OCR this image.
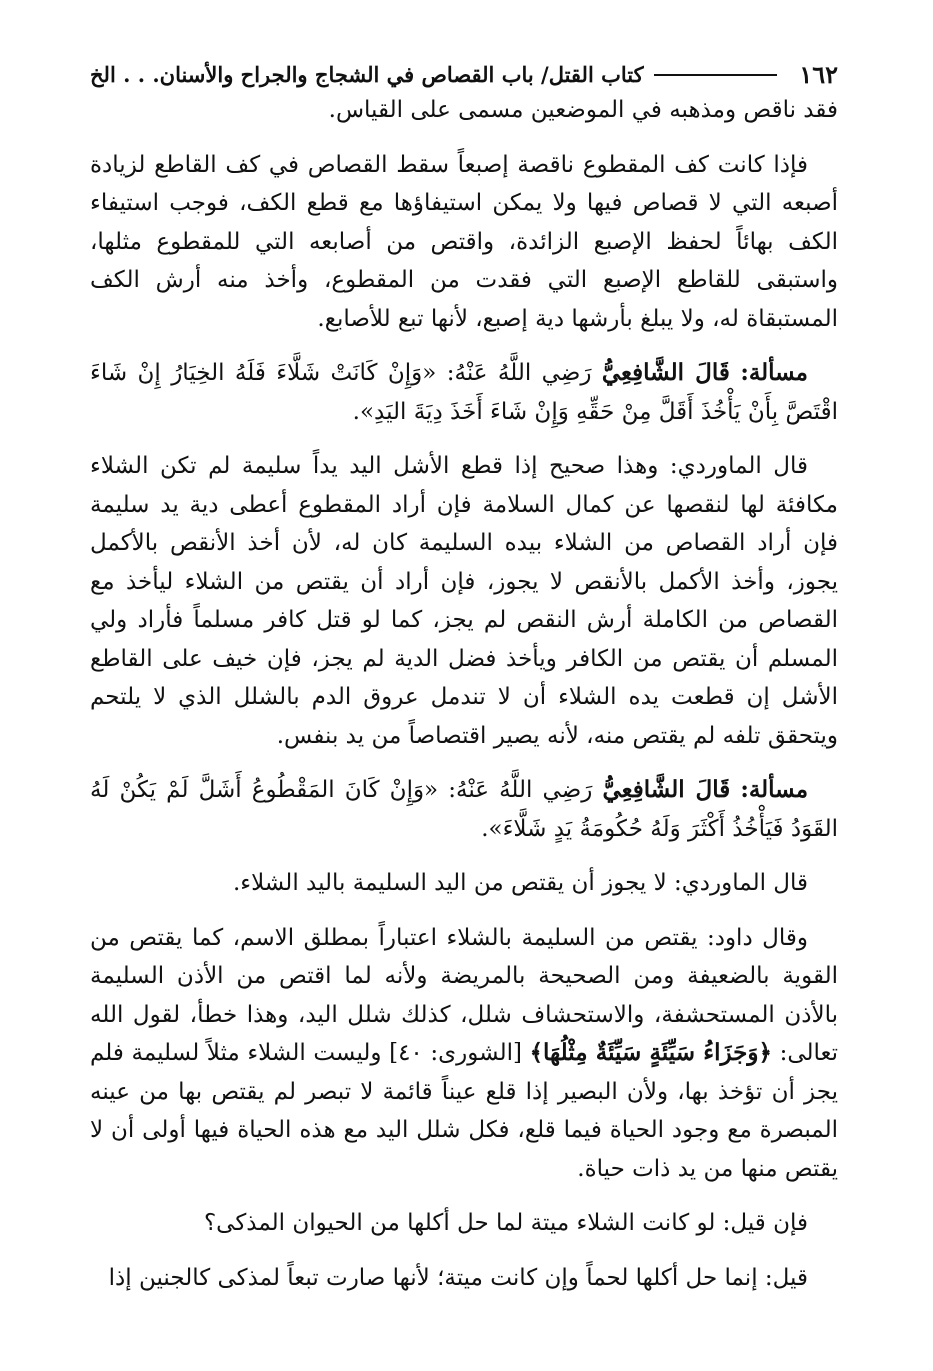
١٦٢
كتاب القتل/ باب القصاص في الشجاج والجراح والأسنان. . . الخ

فقد ناقص ومذهبه في الموضعين مسمى على القياس.

فإذا كانت كف المقطوع ناقصة إصبعاً سقط القصاص في كف القاطع لزيادة أصبعه التي لا قصاص فيها ولا يمكن استيفاؤها مع قطع الكف، فوجب استيفاء الكف بهائاً لحفظ الإصبع الزائدة، واقتص من أصابعه التي للمقطوع مثلها، واستبقى للقاطع الإصبع التي فقدت من المقطوع، وأخذ منه أرش الكف المستبقاة له، ولا يبلغ بأرشها دية إصبع، لأنها تبع للأصابع.

مسألة: قَالَ الشَّافِعِيُّ رَضِي اللَّهُ عَنْهُ: «وَإِنْ كَانَتْ شَلَّاءَ فَلَهُ الخِيَارُ إِنْ شَاءَ اقْتَصَّ بِأَنْ يَأْخُذَ أَقَلَّ مِنْ حَقِّهِ وَإِنْ شَاءَ أَخَذَ دِيَةَ اليَدِ».

قال الماوردي: وهذا صحيح إذا قطع الأشل اليد يداً سليمة لم تكن الشلاء مكافئة لها لنقصها عن كمال السلامة فإن أراد المقطوع أعطى دية يد سليمة فإن أراد القصاص من الشلاء بيده السليمة كان له، لأن أخذ الأنقص بالأكمل يجوز، وأخذ الأكمل بالأنقص لا يجوز، فإن أراد أن يقتص من الشلاء ليأخذ مع القصاص من الكاملة أرش النقص لم يجز، كما لو قتل كافر مسلماً فأراد ولي المسلم أن يقتص من الكافر ويأخذ فضل الدية لم يجز، فإن خيف على القاطع الأشل إن قطعت يده الشلاء أن لا تندمل عروق الدم بالشلل الذي لا يلتحم ويتحقق تلفه لم يقتص منه، لأنه يصير اقتصاصاً من يد بنفس.

مسألة: قَالَ الشَّافِعِيُّ رَضِي اللَّهُ عَنْهُ: «وَإِنْ كَانَ المَقْطُوعُ أَشَلَّ لَمْ يَكُنْ لَهُ القَوَدُ فَيَأْخُذُ أَكْثَرَ وَلَهُ حُكُومَةُ يَدٍ شَلَّاءَ».

قال الماوردي: لا يجوز أن يقتص من اليد السليمة باليد الشلاء.

وقال داود: يقتص من السليمة بالشلاء اعتباراً بمطلق الاسم، كما يقتص من القوية بالضعيفة ومن الصحيحة بالمريضة ولأنه لما اقتص من الأذن السليمة بالأذن المستحشفة، والاستحشاف شلل، كذلك شلل اليد، وهذا خطأ، لقول الله تعالى: ﴿وَجَزَاءُ سَيِّئَةٍ سَيِّئَةٌ مِثْلُهَا﴾ [الشورى: ٤٠] وليست الشلاء مثلاً لسليمة فلم يجز أن تؤخذ بها، ولأن البصير إذا قلع عيناً قائمة لا تبصر لم يقتص بها من عينه المبصرة مع وجود الحياة فيما قلع، فكل شلل اليد مع هذه الحياة فيها أولى أن لا يقتص منها من يد ذات حياة.

فإن قيل: لو كانت الشلاء ميتة لما حل أكلها من الحيوان المذكى؟

قيل: إنما حل أكلها لحماً وإن كانت ميتة؛ لأنها صارت تبعاً لمذكى كالجنين إذا
